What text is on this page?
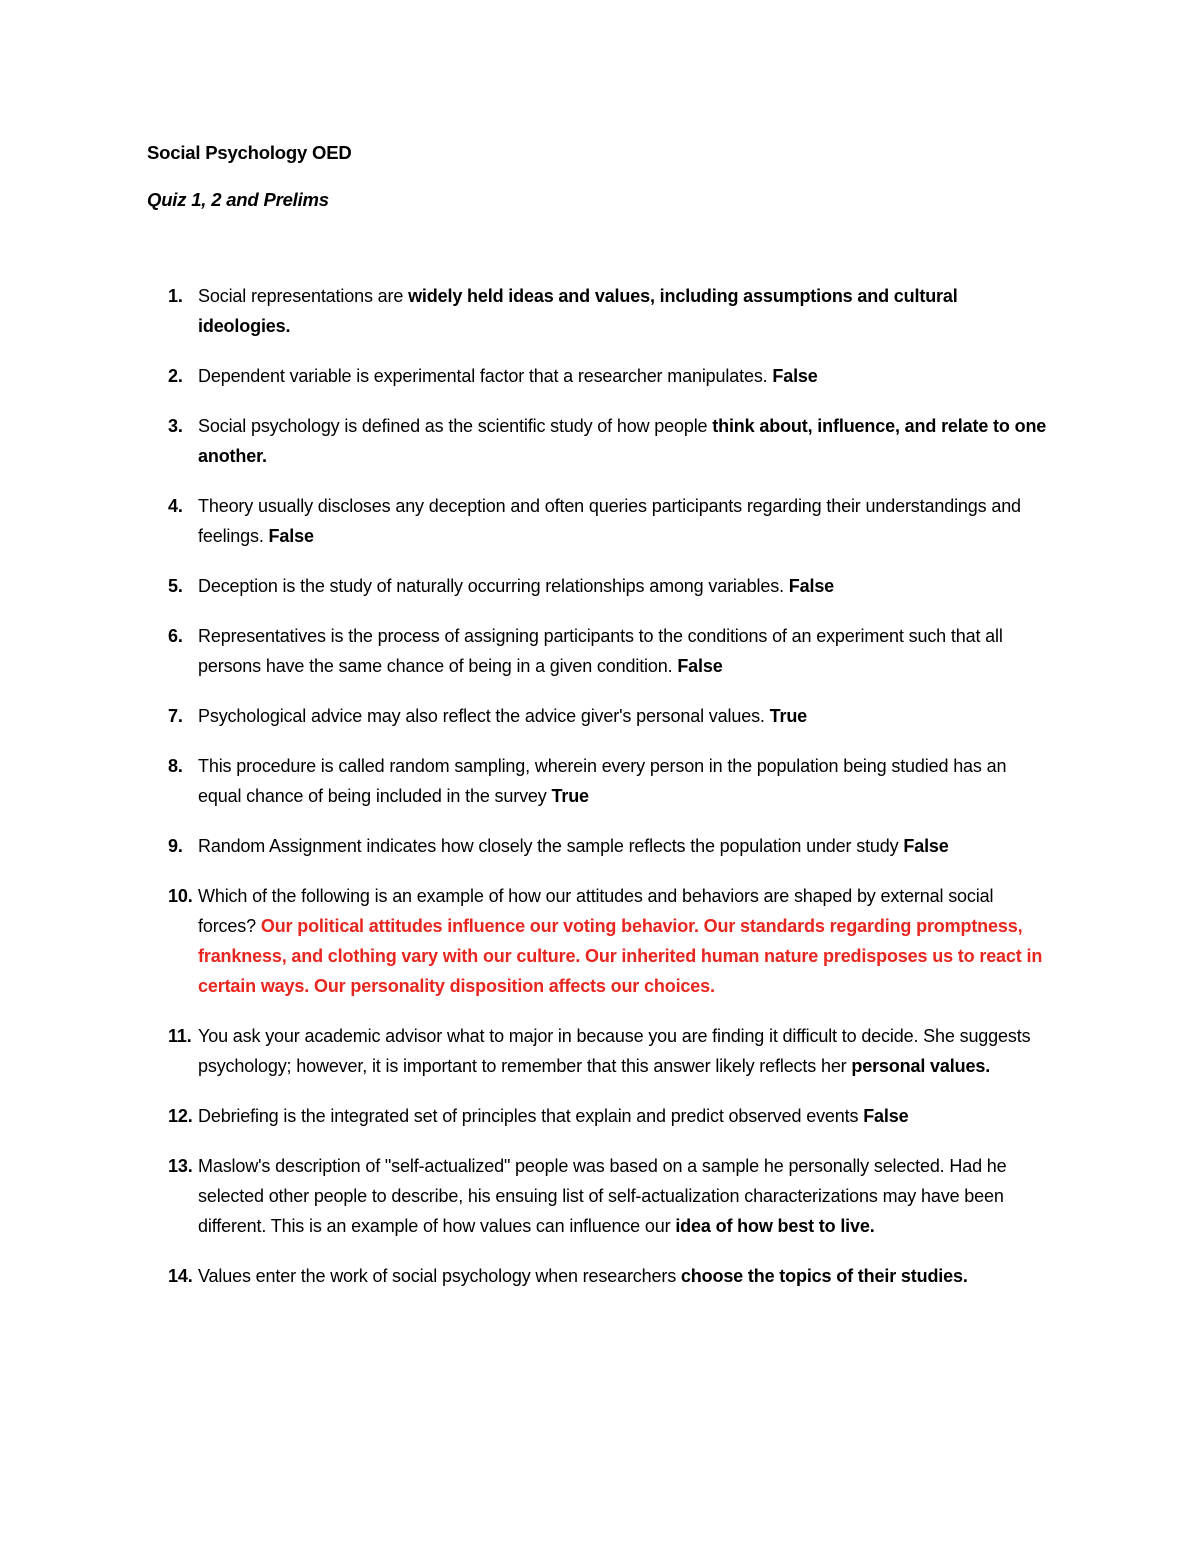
Social Psychology OED
Quiz 1, 2 and Prelims
1. Social representations are widely held ideas and values, including assumptions and cultural ideologies.
2. Dependent variable is experimental factor that a researcher manipulates. False
3. Social psychology is defined as the scientific study of how people think about, influence, and relate to one another.
4. Theory usually discloses any deception and often queries participants regarding their understandings and feelings. False
5. Deception is the study of naturally occurring relationships among variables. False
6. Representatives is the process of assigning participants to the conditions of an experiment such that all persons have the same chance of being in a given condition. False
7. Psychological advice may also reflect the advice giver's personal values. True
8. This procedure is called random sampling, wherein every person in the population being studied has an equal chance of being included in the survey True
9. Random Assignment indicates how closely the sample reflects the population under study False
10. Which of the following is an example of how our attitudes and behaviors are shaped by external social forces? Our political attitudes influence our voting behavior. Our standards regarding promptness, frankness, and clothing vary with our culture. Our inherited human nature predisposes us to react in certain ways. Our personality disposition affects our choices.
11. You ask your academic advisor what to major in because you are finding it difficult to decide. She suggests psychology; however, it is important to remember that this answer likely reflects her personal values.
12. Debriefing is the integrated set of principles that explain and predict observed events False
13. Maslow's description of "self-actualized" people was based on a sample he personally selected. Had he selected other people to describe, his ensuing list of self-actualization characterizations may have been different. This is an example of how values can influence our idea of how best to live.
14. Values enter the work of social psychology when researchers choose the topics of their studies.
